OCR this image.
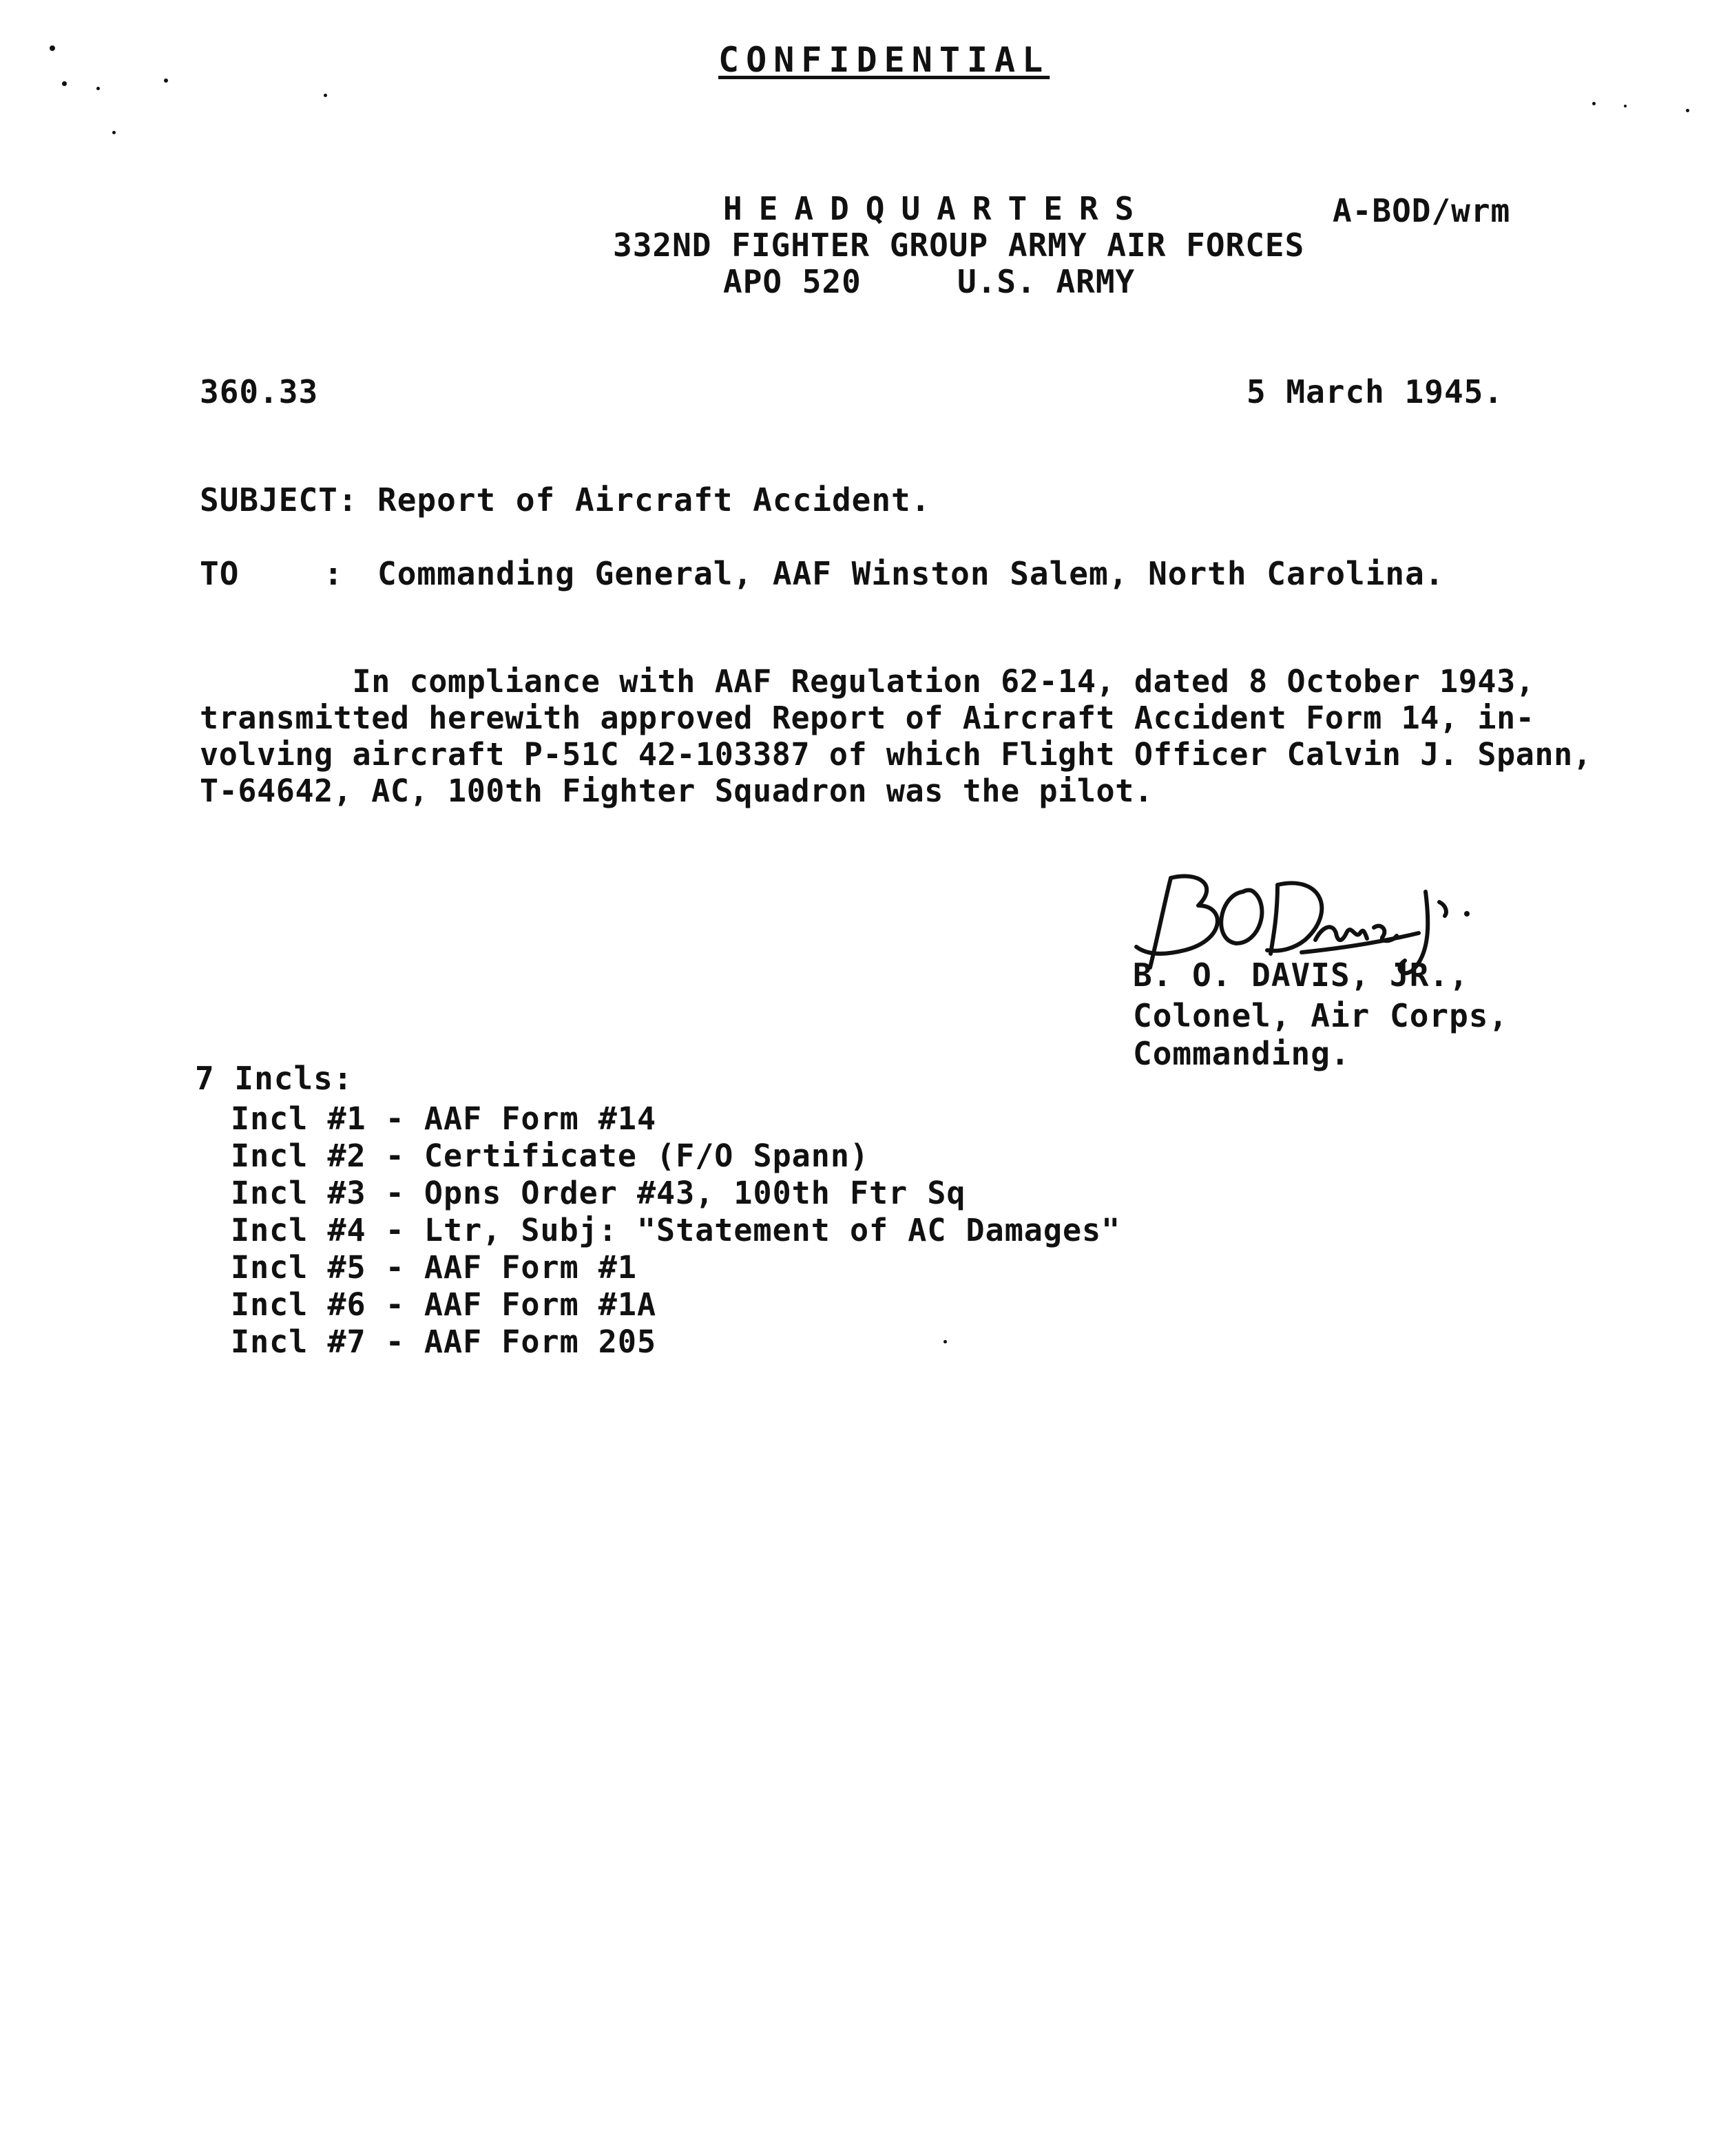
CONFIDENTIAL
HEADQUARTERS
332ND FIGHTER GROUP ARMY AIR FORCES
APO 520	U.S. ARMY
A-BOD/wrm
360.33	5 March 1945.
SUBJECT: Report of Aircraft Accident.
TO	: Commanding General, AAF Winston Salem, North Carolina.
In compliance with AAF Regulation 62-14, dated 8 October 1943,
transmitted herewith approved Report of Aircraft Accident Form 14, in-
volving aircraft P-51C 42-103387 of which Flight Officer Calvin J. Spann,
T-64642, AC, 100th Fighter Squadron was the pilot.
B. O. DAVIS, JR.,
Colonel, Air Corps,
Commanding.
7 Incls:
Incl #1 - AAF Form #14
Incl #2 - Certificate (F/O Spann)
Incl #3 - Opns Order #43, 100th Ftr Sq
Incl #4 - Ltr, Subj: "Statement of AC Damages"
Incl #5 - AAF Form #1
Incl #6 - AAF Form #1A
Incl #7 - AAF Form 205
